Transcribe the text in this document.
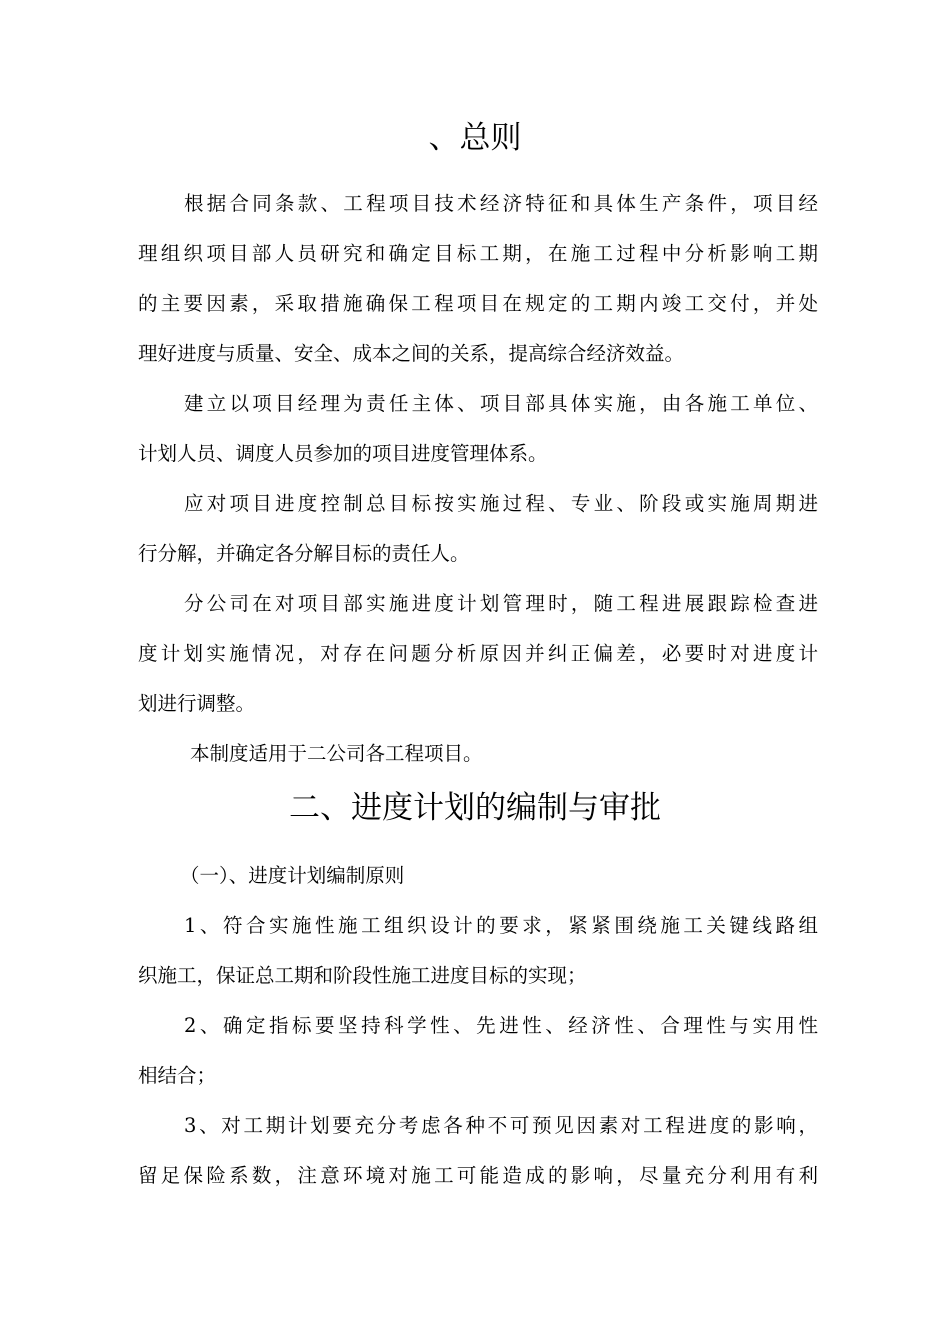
、总则
根据合同条款、工程项目技术经济特征和具体生产条件，项目经
理组织项目部人员研究和确定目标工期，在施工过程中分析影响工期
的主要因素，采取措施确保工程项目在规定的工期内竣工交付，并处
理好进度与质量、安全、成本之间的关系，提高综合经济效益。
建立以项目经理为责任主体、项目部具体实施，由各施工单位、
计划人员、调度人员参加的项目进度管理体系。
应对项目进度控制总目标按实施过程、专业、阶段或实施周期进
行分解，并确定各分解目标的责任人。
分公司在对项目部实施进度计划管理时，随工程进展跟踪检查进
度计划实施情况，对存在问题分析原因并纠正偏差，必要时对进度计
划进行调整。
本制度适用于二公司各工程项目。
二、进度计划的编制与审批
（一）、进度计划编制原则
1、符合实施性施工组织设计的要求，紧紧围绕施工关键线路组
织施工，保证总工期和阶段性施工进度目标的实现；
2、确定指标要坚持科学性、先进性、经济性、合理性与实用性
相结合；
3、对工期计划要充分考虑各种不可预见因素对工程进度的影响，
留足保险系数，注意环境对施工可能造成的影响，尽量充分利用有利
